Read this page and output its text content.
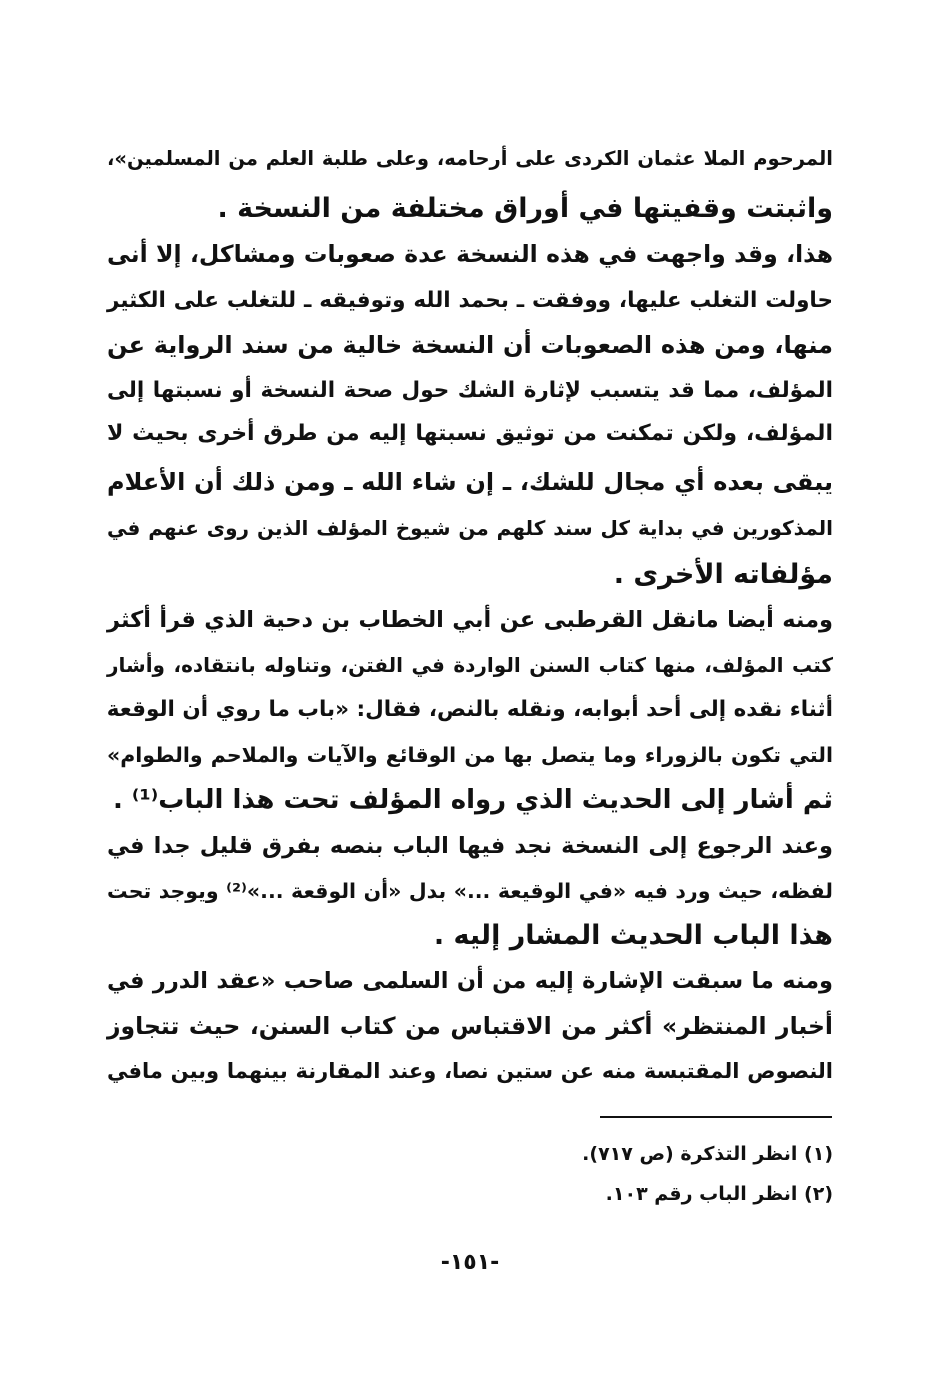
المرحوم الملا عثمان الكردى على أرحامه، وعلى طلبة العلم من المسلمين»،

واثبتت وقفيتها في أوراق مختلفة من النسخة .

هذا، وقد واجهت في هذه النسخة عدة صعوبات ومشاكل، إلا أنى

حاولت التغلب عليها، ووفقت ـ بحمد الله وتوفيقه ـ للتغلب على الكثير

منها، ومن هذه الصعوبات أن النسخة خالية من سند الرواية عن

المؤلف، مما قد يتسبب لإثارة الشك حول صحة النسخة أو نسبتها إلى

المؤلف، ولكن تمكنت من توثيق نسبتها إليه من طرق أخرى بحيث لا

يبقى بعده أي مجال للشك، ـ إن شاء الله ـ ومن ذلك أن الأعلام

المذكورين في بداية كل سند كلهم من شيوخ المؤلف الذين روى عنهم في

مؤلفاته الأخرى .

ومنه أيضا مانقل القرطبى عن أبي الخطاب بن دحية الذي قرأ أكثر

كتب المؤلف، منها كتاب السنن الواردة في الفتن، وتناوله بانتقاده، وأشار

أثناء نقده إلى أحد أبوابه، ونقله بالنص، فقال: «باب ما روي أن الوقعة

التي تكون بالزوراء وما يتصل بها من الوقائع والآيات والملاحم والطوام»

ثم أشار إلى الحديث الذي رواه المؤلف تحت هذا الباب⁽¹⁾ .

وعند الرجوع إلى النسخة نجد فيها الباب بنصه بفرق قليل جدا في

لفظه، حيث ورد فيه «في الوقيعة ...» بدل «أن الوقعة ...»⁽²⁾ ويوجد تحت

هذا الباب الحديث المشار إليه .

ومنه ما سبقت الإشارة إليه من أن السلمى صاحب «عقد الدرر في

أخبار المنتظر» أكثر من الاقتباس من كتاب السنن، حيث تتجاوز

النصوص المقتبسة منه عن ستين نصا، وعند المقارنة بينهما وبين مافي

(١) انظر التذكرة (ص ٧١٧).

(٢) انظر الباب رقم ١٠٣.

-١٥١-
